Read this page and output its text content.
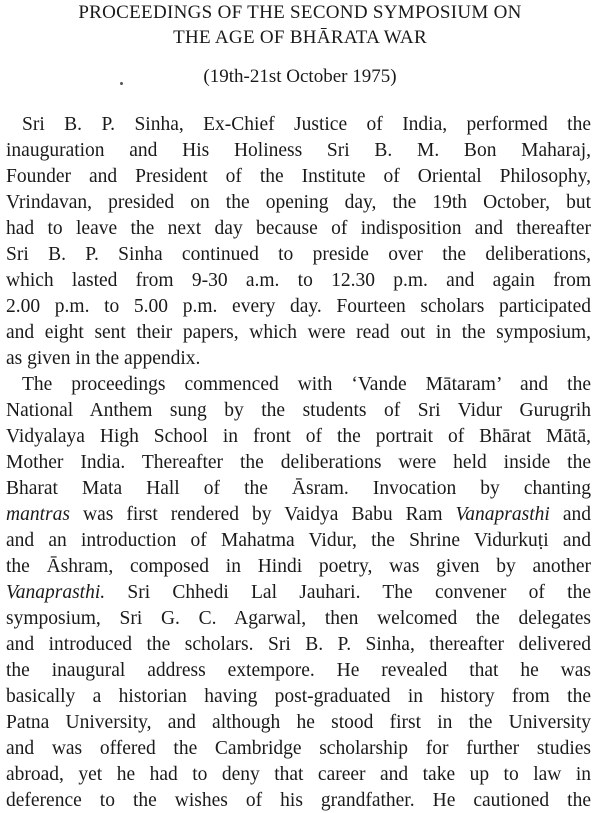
PROCEEDINGS OF THE SECOND SYMPOSIUM ON
THE AGE OF BHĀRATA WAR
(19th-21st October 1975)
Sri B. P. Sinha, Ex-Chief Justice of India, performed the
inauguration and His Holiness Sri B. M. Bon Maharaj,
Founder and President of the Institute of Oriental Philosophy,
Vrindavan, presided on the opening day, the 19th October, but
had to leave the next day because of indisposition and thereafter
Sri B. P. Sinha continued to preside over the deliberations,
which lasted from 9-30 a.m. to 12.30 p.m. and again from
2.00 p.m. to 5.00 p.m. every day. Fourteen scholars participated
and eight sent their papers, which were read out in the symposium,
as given in the appendix.
The proceedings commenced with ‘Vande Mātaram’ and the
National Anthem sung by the students of Sri Vidur Gurugrih
Vidyalaya High School in front of the portrait of Bhārat Mātā,
Mother India. Thereafter the deliberations were held inside the
Bharat Mata Hall of the Āsram. Invocation by chanting
mantras was first rendered by Vaidya Babu Ram Vanaprasthi and
and an introduction of Mahatma Vidur, the Shrine Vidurkuṭi and
the Āshram, composed in Hindi poetry, was given by another
Vanaprasthi. Sri Chhedi Lal Jauhari. The convener of the
symposium, Sri G. C. Agarwal, then welcomed the delegates
and introduced the scholars. Sri B. P. Sinha, thereafter delivered
the inaugural address extempore. He revealed that he was
basically a historian having post-graduated in history from the
Patna University, and although he stood first in the University
and was offered the Cambridge scholarship for further studies
abroad, yet he had to deny that career and take up to law in
deference to the wishes of his grandfather. He cautioned the
